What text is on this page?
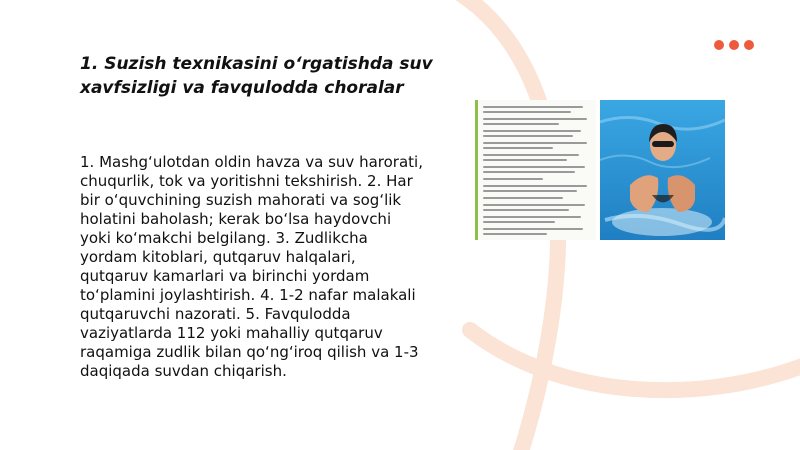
1. Suzish texnikasini o‘rgatishda suv xavfsizligi va favqulodda choralar

1. Mashg‘ulotdan oldin havza va suv harorati, chuqurlik, tok va yoritishni tekshirish. 2. Har bir o‘quvchining suzish mahorati va sog‘lik holatini baholash; kerak bo‘lsa haydovchi yoki ko‘makchi belgilang. 3. Zudlikcha yordam kitoblari, qutqaruv halqalari, qutqaruv kamarlari va birinchi yordam to‘plamini joylashtirish. 4. 1-2 nafar malakali qutqaruvchi nazorati. 5. Favqulodda vaziyatlarda 112 yoki mahalliy qutqaruv raqamiga zudlik bilan qo‘ng‘iroq qilish va 1-3 daqiqada suvdan chiqarish.
